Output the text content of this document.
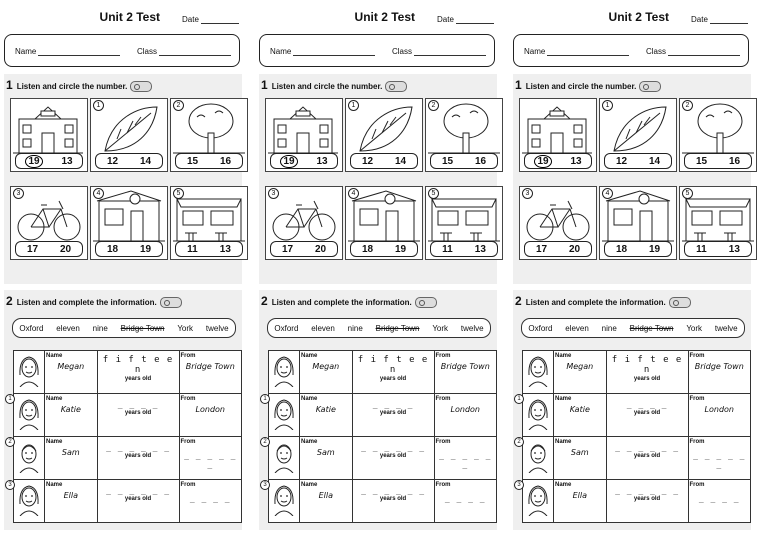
Unit 2 Test	Date
Name	Class
1 Listen and circle the number.
19	13
1
12 14
2
15 16
3
17 20
4
18 19
5
11 13
2 Listen and complete the information.
Oxford eleven nine Bridge Town York twelve

Name
Megan	f i f t e e n
years old	From
Bridge Town

1	Name
Katie	_ _ _ _
years old	From
London

2	Name
Sam	_ _ _ _ _ _
years old	From
_ _ _ _ _ _

3	Name
Ella	_ _ _ _ _ _
years old	From
_ _ _ _
Unit 2 Test	Date
Name	Class
1 Listen and circle the number.
19	13
1
12 14
2
15 16
3
17 20
4
18 19
5
11 13
2 Listen and complete the information.
Oxford eleven nine Bridge Town York twelve

Name
Megan	f i f t e e n
years old	From
Bridge Town

1	Name
Katie	_ _ _ _
years old	From
London

2	Name
Sam	_ _ _ _ _ _
years old	From
_ _ _ _ _ _

3	Name
Ella	_ _ _ _ _ _
years old	From
_ _ _ _
Unit 2 Test	Date
Name	Class
1 Listen and circle the number.
19	13
1
12 14
2
15 16
3
17 20
4
18 19
5
11 13
2 Listen and complete the information.
Oxford eleven nine Bridge Town York twelve

Name
Megan	f i f t e e n
years old	From
Bridge Town

1	Name
Katie	_ _ _ _
years old	From
London

2	Name
Sam	_ _ _ _ _ _
years old	From
_ _ _ _ _ _

3	Name
Ella	_ _ _ _ _ _
years old	From
_ _ _ _
